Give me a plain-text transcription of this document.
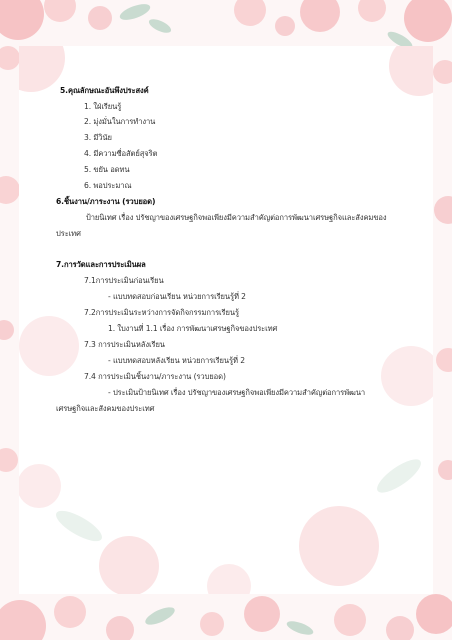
5.คุณลักษณะอันพึงประสงค์
1. ใฝ่เรียนรู้
2. มุ่งมั่นในการทำงาน
3. มีวินัย
4. มีความซื่อสัตย์สุจริต
5. ขยัน อดทน
6. พอประมาณ
6.ชิ้นงาน/ภาระงาน (รวบยอด)
ป้ายนิเทศ เรื่อง ปรัชญาของเศรษฐกิจพอเพียงมีความสำคัญต่อการพัฒนาเศรษฐกิจและสังคมของ
ประเทศ
7.การวัดและการประเมินผล
7.1การประเมินก่อนเรียน
- แบบทดสอบก่อนเรียน หน่วยการเรียนรู้ที่ 2
7.2การประเมินระหว่างการจัดกิจกรรมการเรียนรู้
1. ใบงานที่ 1.1 เรื่อง การพัฒนาเศรษฐกิจของประเทศ
7.3 การประเมินหลังเรียน
- แบบทดสอบหลังเรียน หน่วยการเรียนรู้ที่ 2
7.4 การประเมินชิ้นงาน/ภาระงาน (รวบยอด)
- ประเมินป้ายนิเทศ เรื่อง ปรัชญาของเศรษฐกิจพอเพียงมีความสำคัญต่อการพัฒนา
เศรษฐกิจและสังคมของประเทศ
